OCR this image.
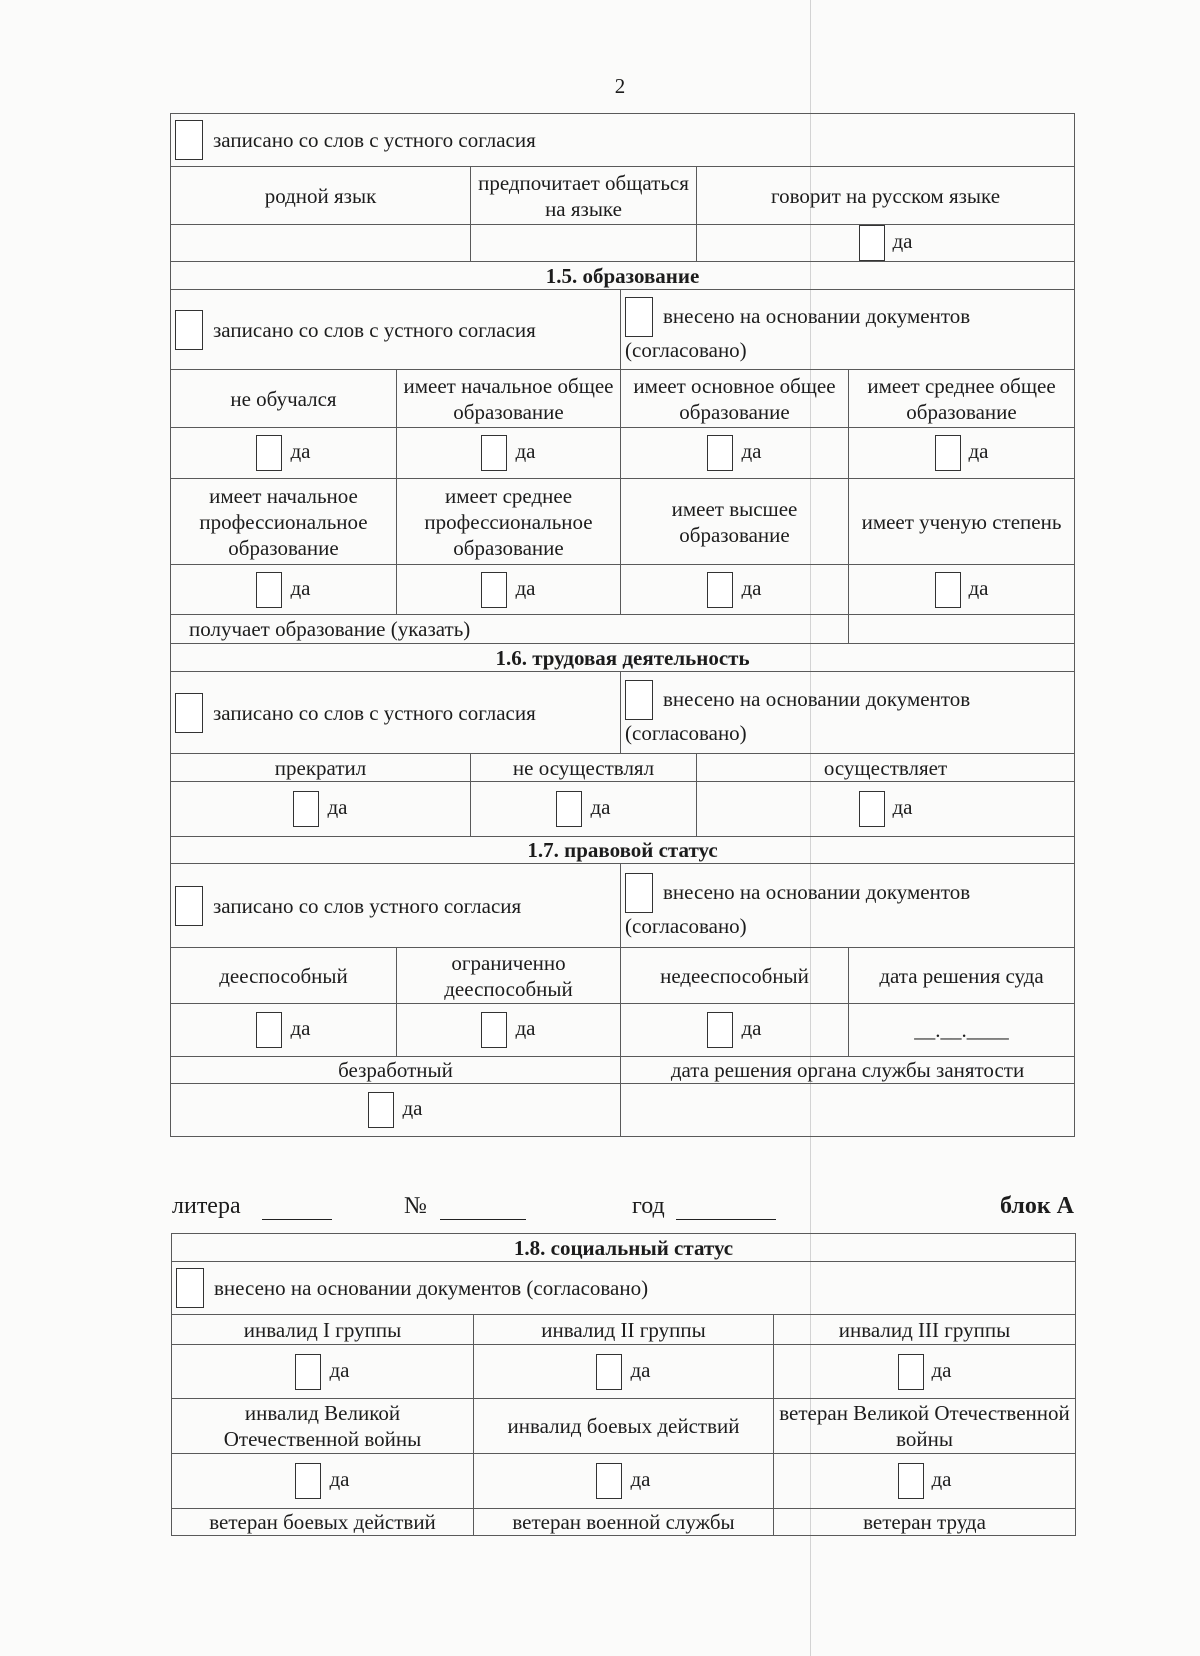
2
записано со слов с устного согласия					

родной язык		предпочитает общаться на языке		говорит на русском языке	
				да	
1.5. образование					

записано со слов с устного согласия			внесено на основании документов
(согласовано)		

не обучался	имеет начальное общее образование		имеет основное общее образование		имеет среднее общее образование
да	да		да		да
имеет начальное профессиональное образование	имеет среднее профессиональное образование		имеет высшее образование		имеет ученую степень
да	да		да		да
получает образование (указать)					
1.6. трудовая деятельность					

записано со слов с устного согласия			внесено на основании документов
(согласовано)		

прекратил		не осуществлял		осуществляет	
да		да		да	
1.7. правовой статус					

записано со слов устного согласия			внесено на основании документов
(согласовано)		

дееспособный	ограниченно дееспособный		недееспособный		дата решения суда
да	да		да		__.__.____
безработный			дата решения органа службы занятости		
да					
литера	№	год	блок А
1.8. социальный статус		

внесено на основании документов (согласовано)		

инвалид I группы	инвалид II группы	инвалид III группы
да	да	да
инвалид Великой Отечественной войны	инвалид боевых действий	ветеран Великой Отечественной войны
да	да	да
ветеран боевых действий	ветеран военной службы	ветеран труда
